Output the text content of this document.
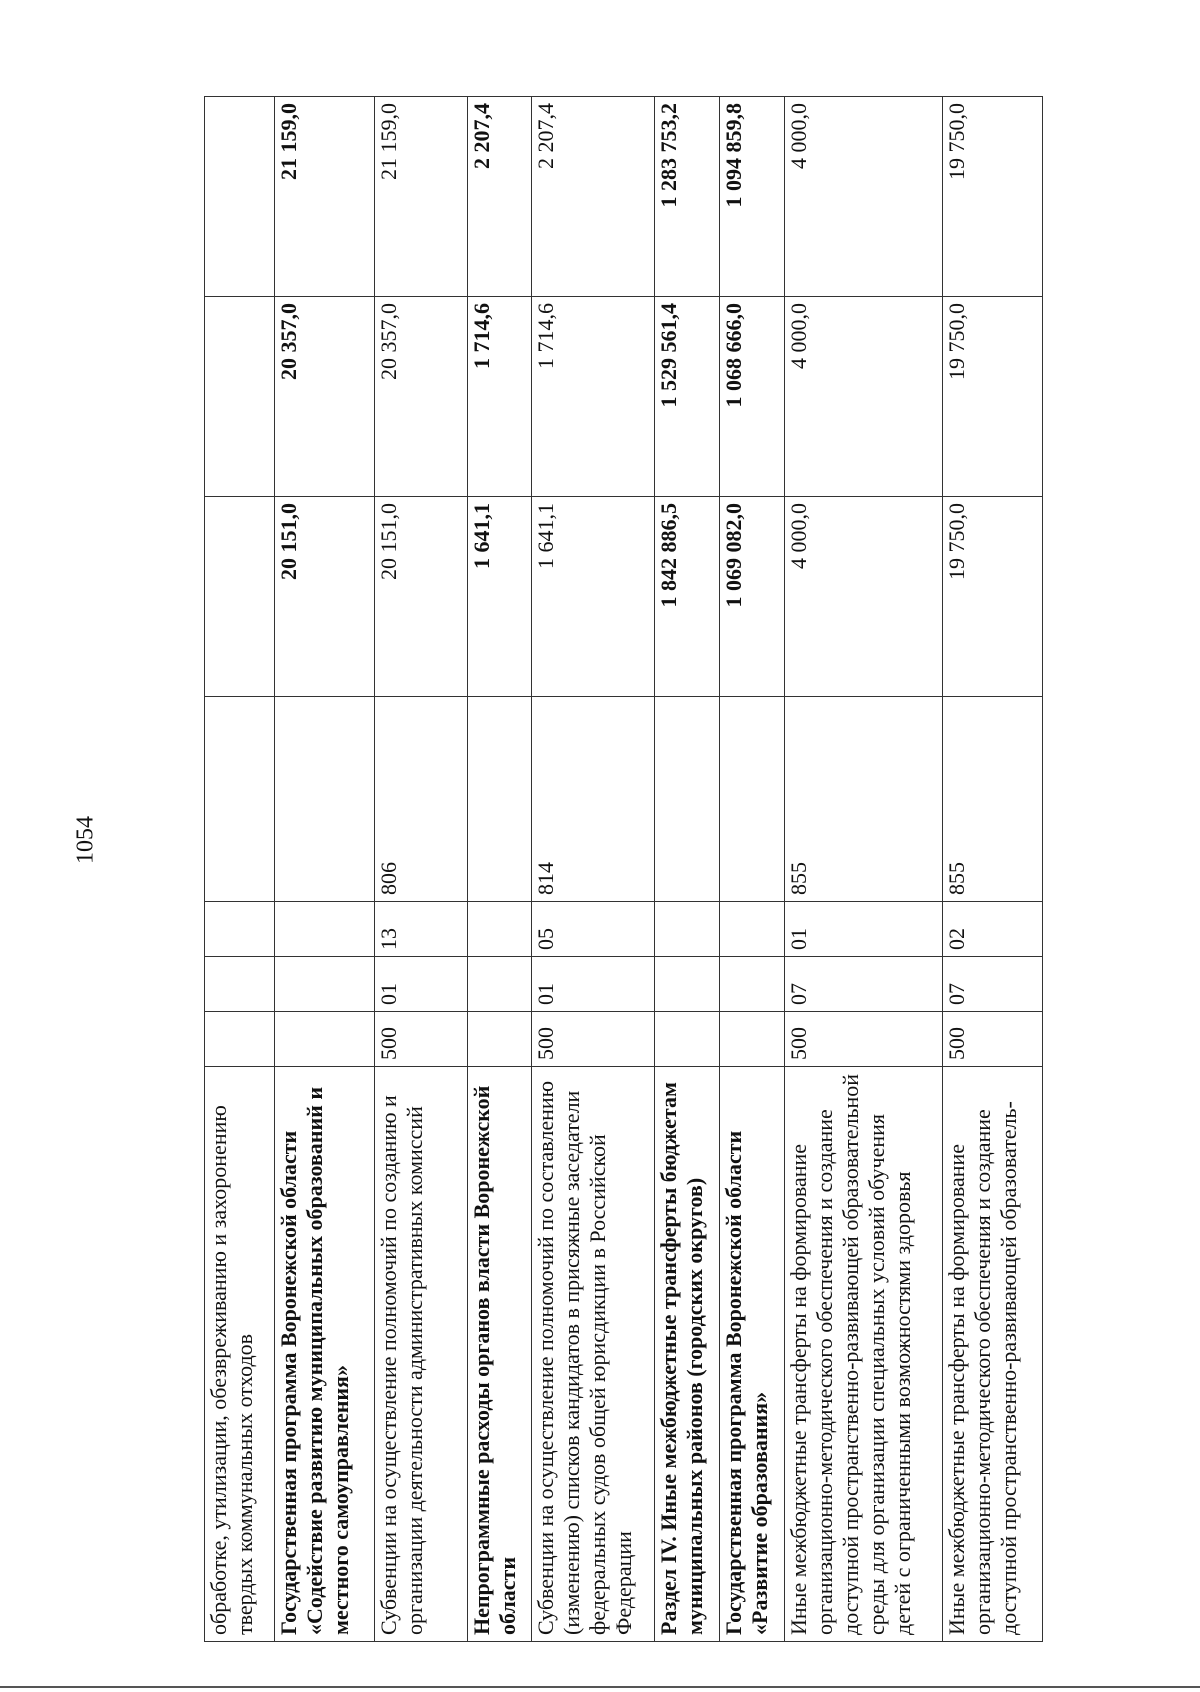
1054
обработке, утилизации, обезвреживанию и захоронению твердых коммунальных отходов							
Государственная программа Воронежской области «Содействие развитию муниципальных образований и местного самоуправления»					20 151,0	20 357,0	21 159,0
Субвенции на осуществление полномочий по созданию и организации деятельности административных комиссий	500	01	13	806	20 151,0	20 357,0	21 159,0
Непрограммные расходы органов власти Воронежской области					1 641,1	1 714,6	2 207,4
Субвенции на осуществление полномочий по составлению (изменению) списков кандидатов в присяжные заседатели федеральных судов общей юрисдикции в Российской Федерации	500	01	05	814	1 641,1	1 714,6	2 207,4
Раздел IV. Иные межбюджетные трансферты бюджетам муниципальных районов (городских округов)					1 842 886,5	1 529 561,4	1 283 753,2
Государственная программа Воронежской области «Развитие образования»					1 069 082,0	1 068 666,0	1 094 859,8
Иные межбюджетные трансферты на формирование организационно-методического обеспечения и создание доступной пространственно-развивающей образовательной среды для организации специальных условий обучения детей с ограниченными возможностями здоровья	500	07	01	855	4 000,0	4 000,0	4 000,0
Иные межбюджетные трансферты на формирование организационно-методического обеспечения и создание доступной пространственно-развивающей образователь-	500	07	02	855	19 750,0	19 750,0	19 750,0
